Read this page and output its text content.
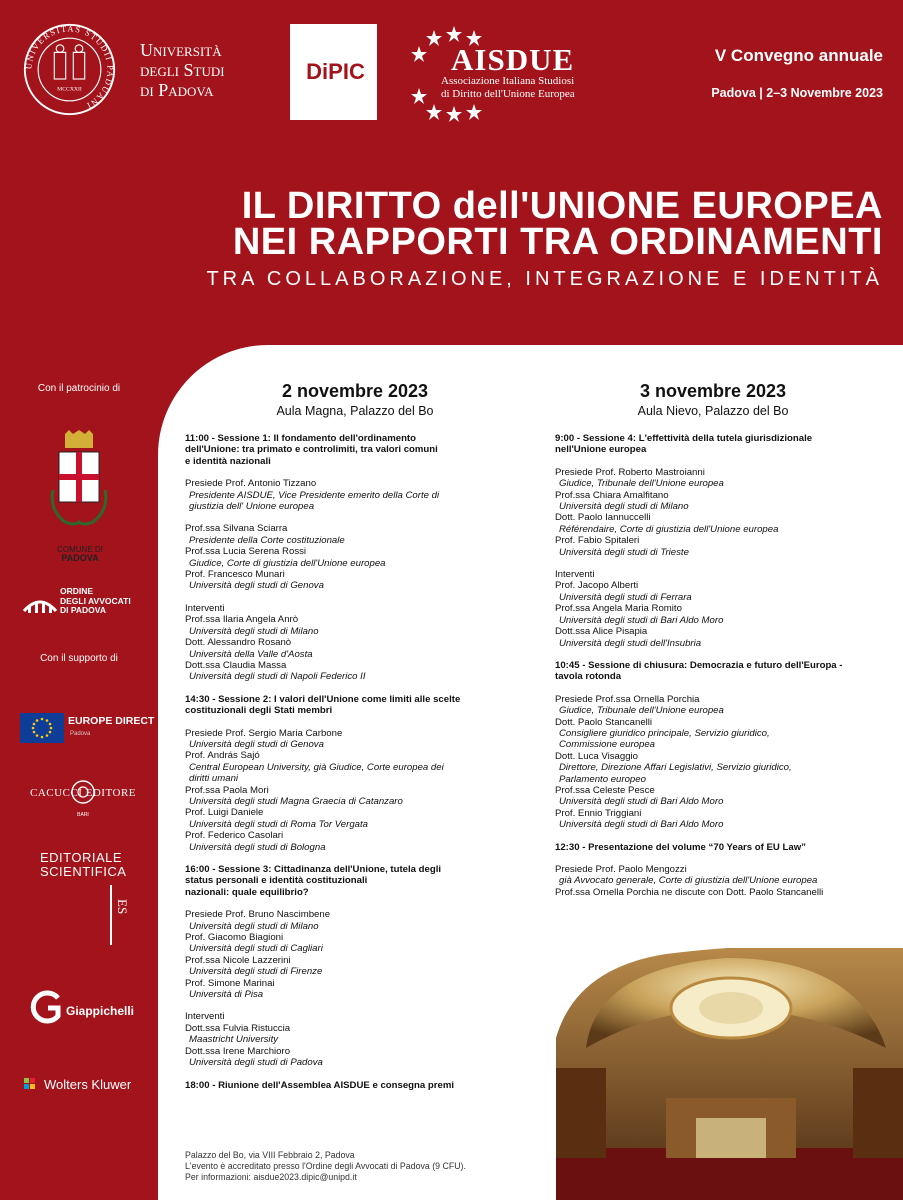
UNIVERSITAS STUDII PADUANI
MCCXXII
Università
degli Studi
di Padova
DiPIC	AISDUE
Associazione Italiana Studiosi
di Diritto dell'Unione Europea
V Convegno annuale
Padova | 2–3 Novembre 2023
IL DIRITTO dell'UNIONE EUROPEA
NEI RAPPORTI TRA ORDINAMENTI
TRA COLLABORAZIONE, INTEGRAZIONE E IDENTITÀ
Con il patrocinio di
COMUNE DI
PADOVA
ORDINE
DEGLI AVVOCATI
DI PADOVA
Con il supporto di
EUROPE DIRECT
Padova
CACUCCI EDITORE
BARI
EDITORIALE
SCIENTIFICA
ES
Giappichelli
Wolters Kluwer
2 novembre 2023
Aula Magna, Palazzo del Bo
3 novembre 2023
Aula Nievo, Palazzo del Bo
11:00 - Sessione 1: Il fondamento dell'ordinamento
dell'Unione: tra primato e controlimiti, tra valori comuni
e identità nazionali
Presiede Prof. Antonio Tizzano
Presidente AISDUE, Vice Presidente emerito della Corte di
giustizia dell' Unione europea
Prof.ssa Silvana Sciarra
Presidente della Corte costituzionale
Prof.ssa Lucia Serena Rossi
Giudice, Corte di giustizia dell'Unione europea
Prof. Francesco Munari
Università degli studi di Genova
Interventi
Prof.ssa Ilaria Angela Anrò
Università degli studi di Milano
Dott. Alessandro Rosanò
Università della Valle d'Aosta
Dott.ssa Claudia Massa
Università degli studi di Napoli Federico II
14:30 - Sessione 2: I valori dell'Unione come limiti alle scelte
costituzionali degli Stati membri
Presiede Prof. Sergio Maria Carbone
Università degli studi di Genova
Prof. András Sajó
Central European University, già Giudice, Corte europea dei
diritti umani
Prof.ssa Paola Mori
Università degli studi Magna Graecia di Catanzaro
Prof. Luigi Daniele
Università degli studi di Roma Tor Vergata
Prof. Federico Casolari
Università degli studi di Bologna
16:00 - Sessione 3: Cittadinanza dell'Unione, tutela degli
status personali e identità costituzionali
nazionali: quale equilibrio?
Presiede Prof. Bruno Nascimbene
Università degli studi di Milano
Prof. Giacomo Biagioni
Università degli studi di Cagliari
Prof.ssa Nicole Lazzerini
Università degli studi di Firenze
Prof. Simone Marinai
Università di Pisa
Interventi
Dott.ssa Fulvia Ristuccia
Maastricht University
Dott.ssa Irene Marchioro
Università degli studi di Padova
18:00 - Riunione dell'Assemblea AISDUE e consegna premi
9:00 - Sessione 4: L'effettività della tutela giurisdizionale
nell'Unione europea
Presiede Prof. Roberto Mastroianni
Giudice, Tribunale dell'Unione europea
Prof.ssa Chiara Amalfitano
Università degli studi di Milano
Dott. Paolo Iannuccelli
Référendaire, Corte di giustizia dell'Unione europea
Prof. Fabio Spitaleri
Università degli studi di Trieste
Interventi
Prof. Jacopo Alberti
Università degli studi di Ferrara
Prof.ssa Angela Maria Romito
Università degli studi di Bari Aldo Moro
Dott.ssa Alice Pisapia
Università degli studi dell'Insubria
10:45 - Sessione di chiusura: Democrazia e futuro dell'Europa -
tavola rotonda
Presiede Prof.ssa Ornella Porchia
Giudice, Tribunale dell'Unione europea
Dott. Paolo Stancanelli
Consigliere giuridico principale, Servizio giuridico,
Commissione europea
Dott. Luca Visaggio
Direttore, Direzione Affari Legislativi, Servizio giuridico,
Parlamento europeo
Prof.ssa Celeste Pesce
Università degli studi di Bari Aldo Moro
Prof. Ennio Triggiani
Università degli studi di Bari Aldo Moro
12:30 - Presentazione del volume “70 Years of EU Law”
Presiede Prof. Paolo Mengozzi
già Avvocato generale, Corte di giustizia dell'Unione europea
Prof.ssa Ornella Porchia ne discute con Dott. Paolo Stancanelli
Palazzo del Bo, via VIII Febbraio 2, Padova
L'evento è accreditato presso l'Ordine degli Avvocati di Padova (9 CFU).
Per informazioni: aisdue2023.dipic@unipd.it
